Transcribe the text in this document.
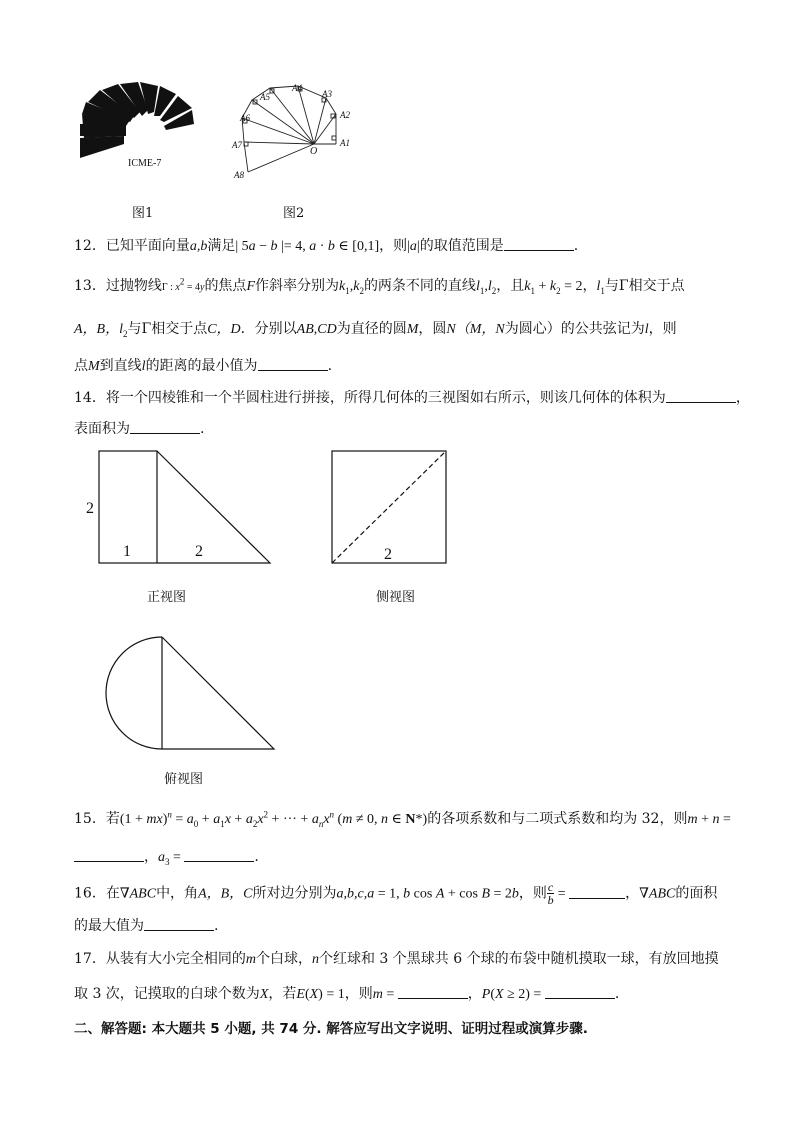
ICME-7
图1
A4
A3
A5
A2
A6
A7
O
A1
A8
图2
12．已知平面向量a,b满足| 5a − b |= 4, a · b ∈ [0,1]，则|a|的取值范围是	.
13．过抛物线Γ : $x^2 = 4y$的焦点F作斜率分别为$k_1,k_2$的两条不同的直线$l_1,l_2$，且$k_1 + k_2 = 2$，$l_1$与Γ相交于点
A，B，$l_2$与Γ相交于点C，D．分别以AB,CD为直径的圆M，圆N（M，N为圆心）的公共弦记为l，则
点M到直线l的距离的最小值为	.
14．将一个四棱锥和一个半圆柱进行拼接，所得几何体的三视图如右所示，则该几何体的体积为	，
表面积为	.
2
1	2
正视图
2
侧视图
俯视图
15．若$(1 + mx)^n = a_0 + a_1x + a_2x^2$ + ··· + $a_nx^n$ (m ≠ 0, n ∈ N*)的各项系数和与二项式系数和均为 32，则m + n =
，$a_3$ =	.
16．在∇ABC中，角A，B，C所对边分别为a,b,c,a = 1, b cos A + cos B = 2b，则 $\frac{c}{b}$ =	，∇ABC的面积
的最大值为	.
17．从装有大小完全相同的m个白球，n个红球和 3 个黑球共 6 个球的布袋中随机摸取一球，有放回地摸
取 3 次，记摸取的白球个数为X，若E(X) = 1，则m =	，P(X ≥ 2) =	.
二、解答题: 本大题共 5 小题, 共 74 分. 解答应写出文字说明、证明过程或演算步骤.
